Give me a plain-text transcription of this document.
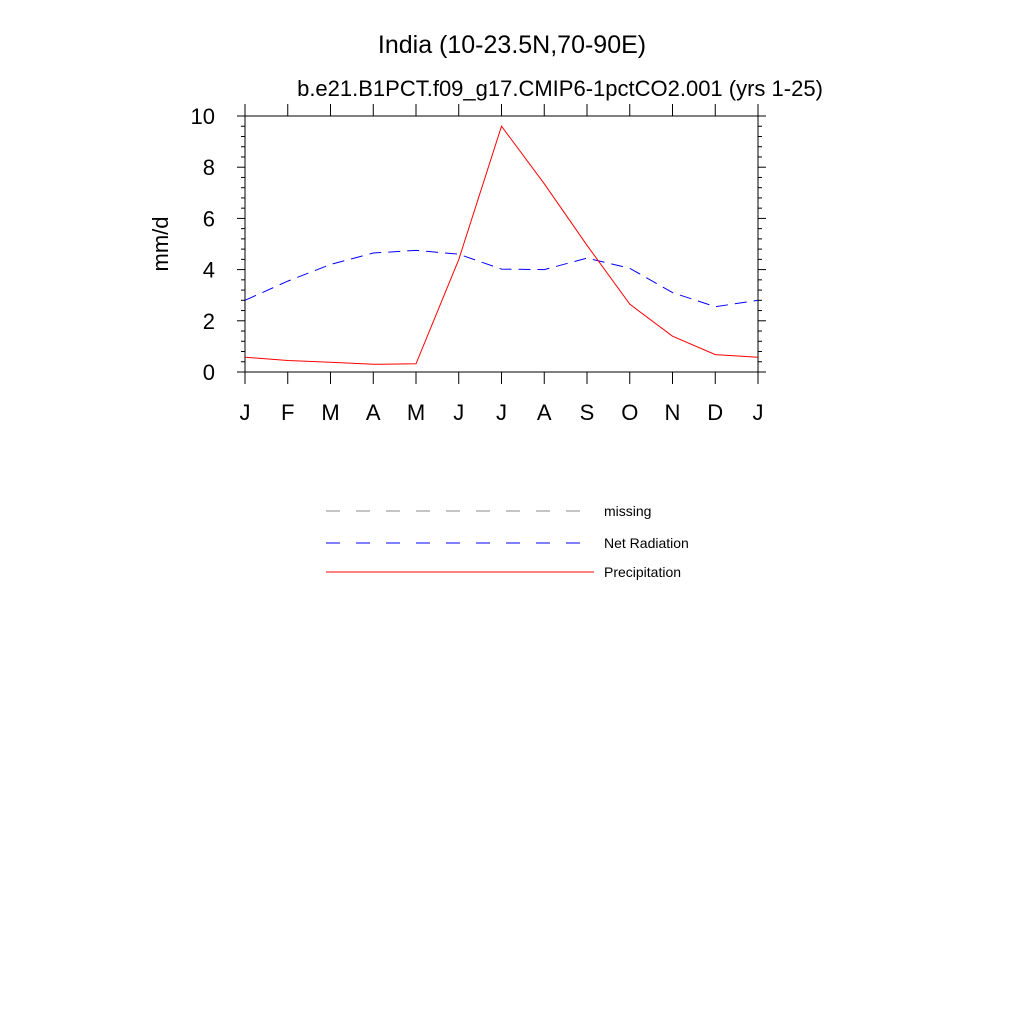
India (10-23.5N,70-90E)
b.e21.B1PCT.f09_g17.CMIP6-1pctCO2.001 (yrs 1-25)
mm/d
0
2
4
6
8
10
J F M A M J J A S O N D J
missing
Net Radiation
Precipitation
